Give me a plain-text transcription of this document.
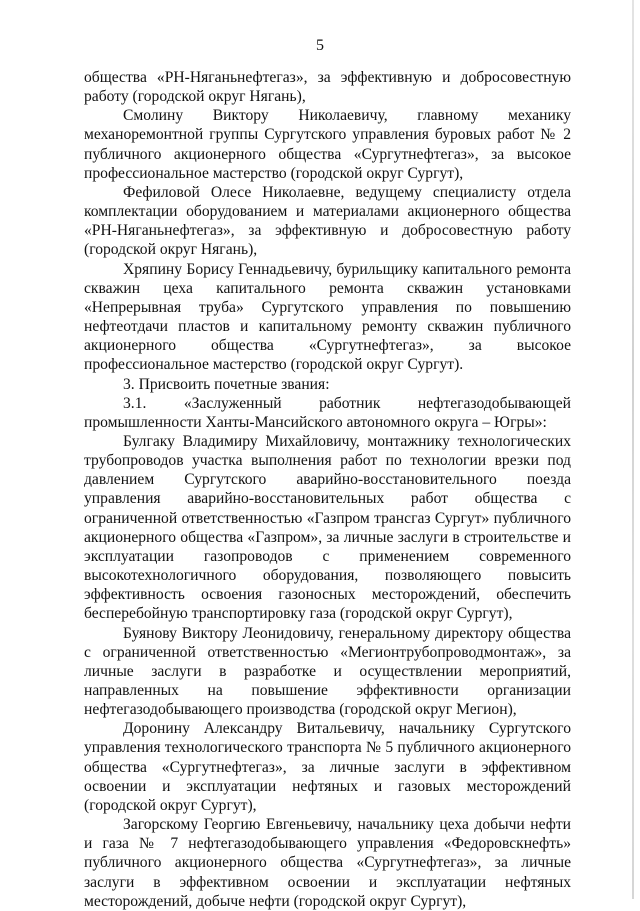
5

общества «РН-Няганьнефтегаз», за эффективную и добросовестную работу (городской округ Нягань),

Смолину Виктору Николаевичу, главному механику механоремонтной группы Сургутского управления буровых работ № 2 публичного акционерного общества «Сургутнефтегаз», за высокое профессиональное мастерство (городской округ Сургут),

Фефиловой Олесе Николаевне, ведущему специалисту отдела комплектации оборудованием и материалами акционерного общества «РН-Няганьнефтегаз», за эффективную и добросовестную работу (городской округ Нягань),

Хряпину Борису Геннадьевичу, бурильщику капитального ремонта скважин цеха капитального ремонта скважин установками «Непрерывная труба» Сургутского управления по повышению нефтеотдачи пластов и капитальному ремонту скважин публичного акционерного общества «Сургутнефтегаз», за высокое профессиональное мастерство (городской округ Сургут).

3. Присвоить почетные звания:

3.1. «Заслуженный работник нефтегазодобывающей промышленности Ханты-Мансийского автономного округа – Югры»:

Булгаку Владимиру Михайловичу, монтажнику технологических трубопроводов участка выполнения работ по технологии врезки под давлением Сургутского аварийно-восстановительного поезда управления аварийно-восстановительных работ общества с ограниченной ответственностью «Газпром трансгаз Сургут» публичного акционерного общества «Газпром», за личные заслуги в строительстве и эксплуатации газопроводов с применением современного высокотехнологичного оборудования, позволяющего повысить эффективность освоения газоносных месторождений, обеспечить бесперебойную транспортировку газа (городской округ Сургут),

Буянову Виктору Леонидовичу, генеральному директору общества с ограниченной ответственностью «Мегионтрубопроводмонтаж», за личные заслуги в разработке и осуществлении мероприятий, направленных на повышение эффективности организации нефтегазодобывающего производства (городской округ Мегион),

Доронину Александру Витальевичу, начальнику Сургутского управления технологического транспорта № 5 публичного акционерного общества «Сургутнефтегаз», за личные заслуги в эффективном освоении и эксплуатации нефтяных и газовых месторождений (городской округ Сургут),

Загорскому Георгию Евгеньевичу, начальнику цеха добычи нефти и газа № 7 нефтегазодобывающего управления «Федоровскнефть» публичного акционерного общества «Сургутнефтегаз», за личные заслуги в эффективном освоении и эксплуатации нефтяных месторождений, добыче нефти (городской округ Сургут),
